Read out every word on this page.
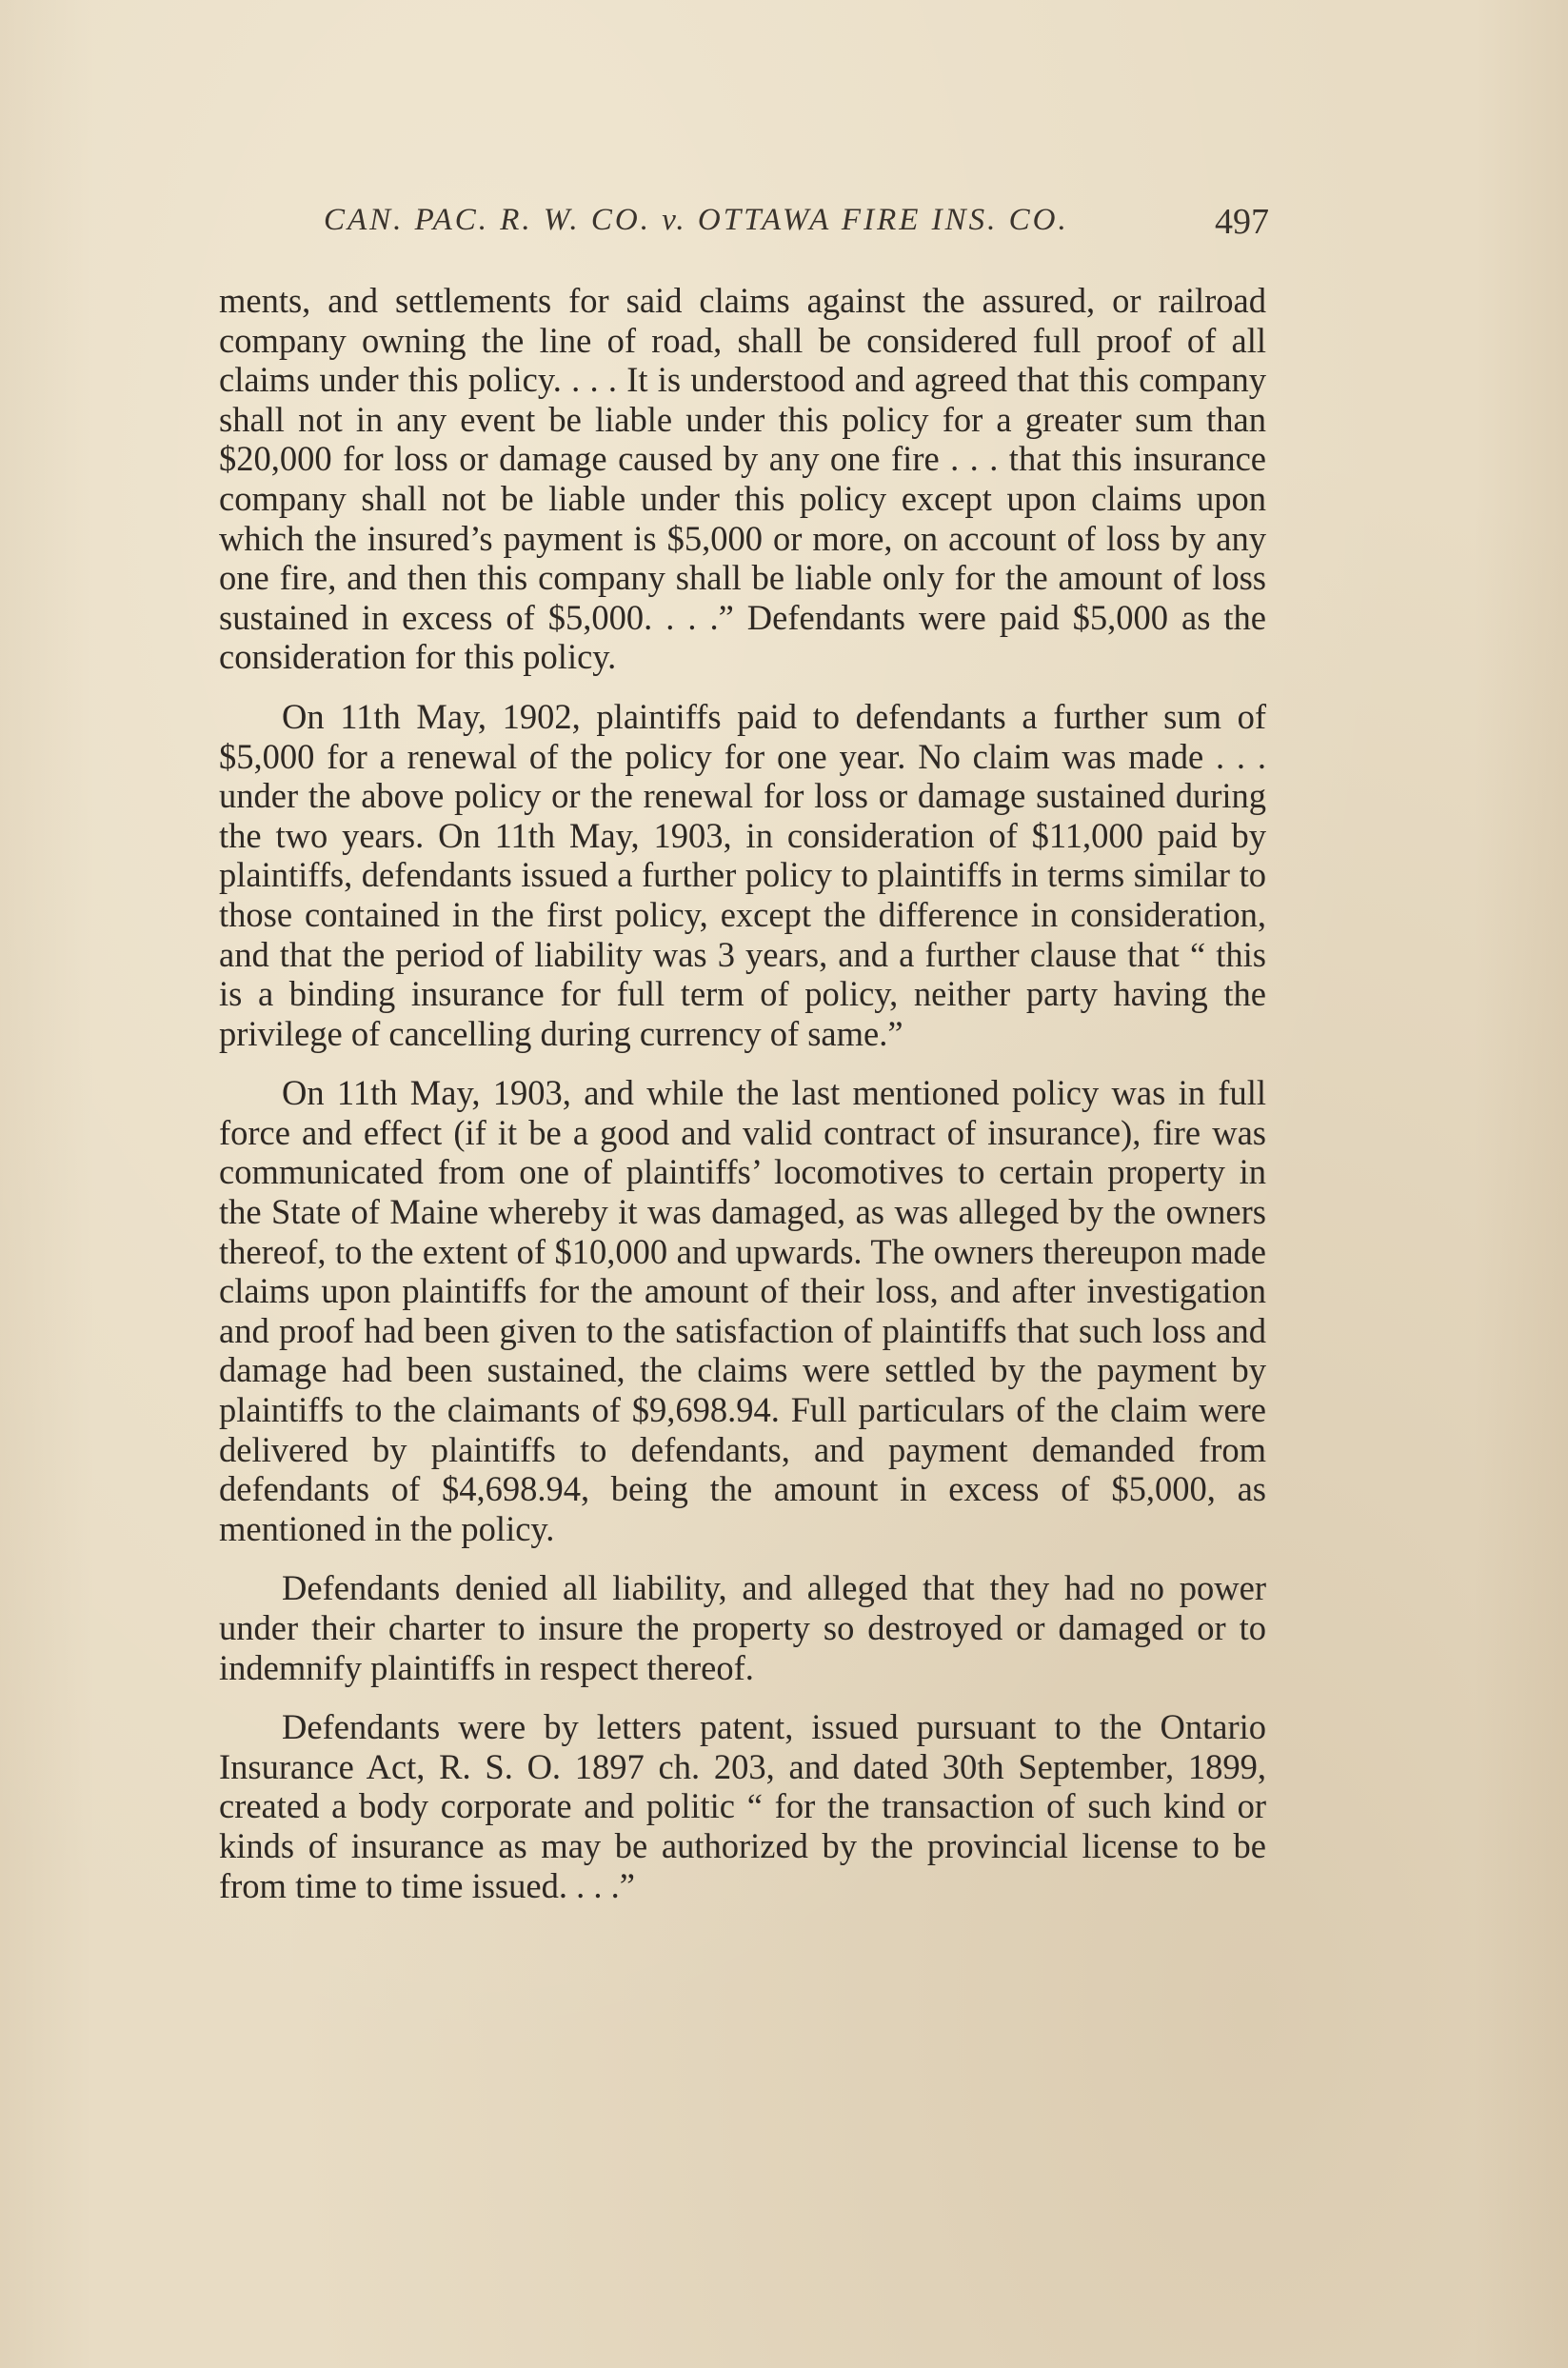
CAN. PAC. R. W. CO. v. OTTAWA FIRE INS. CO.	497

ments, and settlements for said claims against the assured, or railroad company owning the line of road, shall be considered full proof of all claims under this policy. . . . It is understood and agreed that this company shall not in any event be liable under this policy for a greater sum than $20,000 for loss or damage caused by any one fire . . . that this insurance company shall not be liable under this policy except upon claims upon which the insured’s payment is $5,000 or more, on account of loss by any one fire, and then this company shall be liable only for the amount of loss sustained in excess of $5,000. . . .” Defendants were paid $5,000 as the consideration for this policy.

On 11th May, 1902, plaintiffs paid to defendants a further sum of $5,000 for a renewal of the policy for one year. No claim was made . . . under the above policy or the renewal for loss or damage sustained during the two years. On 11th May, 1903, in consideration of $11,000 paid by plaintiffs, defendants issued a further policy to plaintiffs in terms similar to those contained in the first policy, except the difference in consideration, and that the period of liability was 3 years, and a further clause that “ this is a binding insurance for full term of policy, neither party having the privilege of cancelling during currency of same.”

On 11th May, 1903, and while the last mentioned policy was in full force and effect (if it be a good and valid contract of insurance), fire was communicated from one of plaintiffs’ locomotives to certain property in the State of Maine whereby it was damaged, as was alleged by the owners thereof, to the extent of $10,000 and upwards. The owners thereupon made claims upon plaintiffs for the amount of their loss, and after investigation and proof had been given to the satisfaction of plaintiffs that such loss and damage had been sustained, the claims were settled by the payment by plaintiffs to the claimants of $9,698.94. Full particulars of the claim were delivered by plaintiffs to defendants, and payment demanded from defendants of $4,698.94, being the amount in excess of $5,000, as mentioned in the policy.

Defendants denied all liability, and alleged that they had no power under their charter to insure the property so destroyed or damaged or to indemnify plaintiffs in respect thereof.

Defendants were by letters patent, issued pursuant to the Ontario Insurance Act, R. S. O. 1897 ch. 203, and dated 30th September, 1899, created a body corporate and politic “ for the transaction of such kind or kinds of insurance as may be authorized by the provincial license to be from time to time issued. . . .”
